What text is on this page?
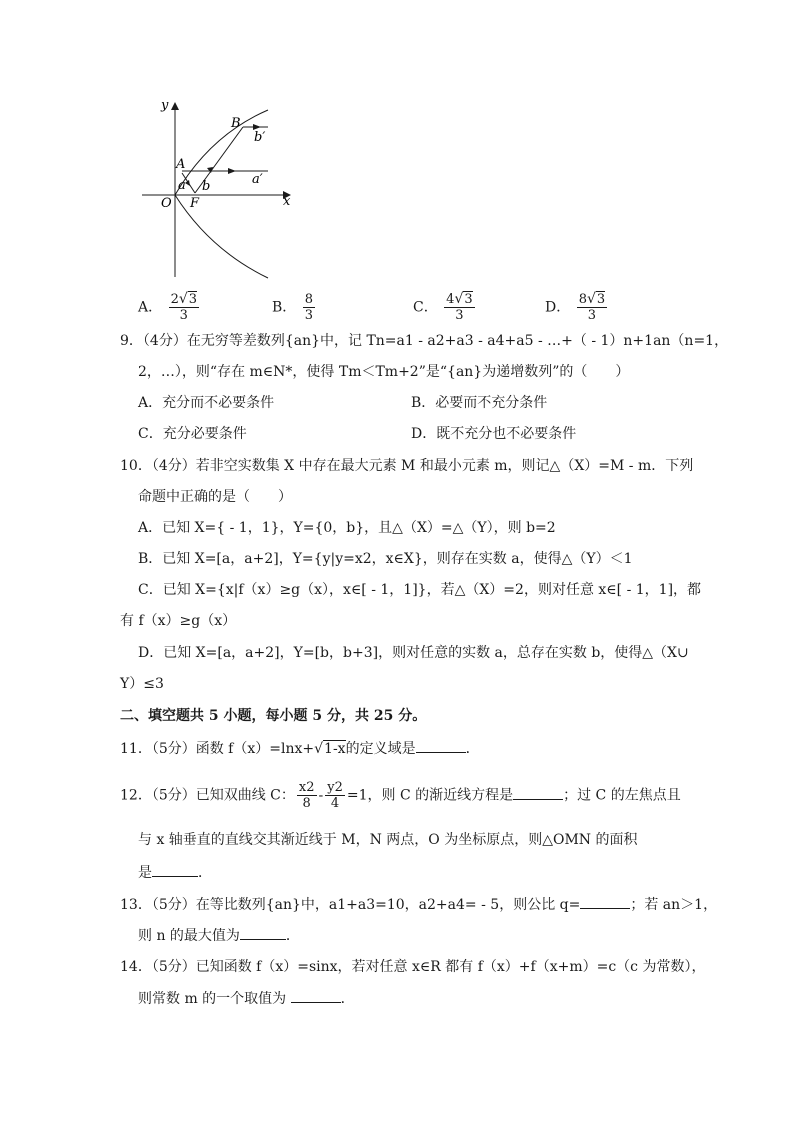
y
x
O F
A
B
a b	a′
b′
A． $\frac{2√3}{3}$	B． $\frac{8}{3}$	C． $\frac{4√3}{3}$	D． $\frac{8√3}{3}$
9．（4分）在无穷等差数列{an}中，记 Tn=a1 - a2+a3 - a4+a5 - …+（ - 1）n+1an（n=1，
2，…），则“存在 m∈N*，使得 Tm＜Tm+2”是“{an}为递增数列”的（　　）
A．充分而不必要条件	B．必要而不充分条件
C．充分必要条件	D．既不充分也不必要条件
10．（4分）若非空实数集 X 中存在最大元素 M 和最小元素 m，则记△（X）=M - m．下列
命题中正确的是（　　）
A．已知 X={ - 1，1}，Y={0，b}，且△（X）=△（Y），则 b=2
B．已知 X=[a，a+2]，Y={y|y=x2，x∈X}，则存在实数 a，使得△（Y）＜1
C．已知 X={x|f（x）≥g（x），x∈[ - 1，1]}，若△（X）=2，则对任意 x∈[ - 1，1]，都
有 f（x）≥g（x）
D．已知 X=[a，a+2]，Y=[b，b+3]，则对任意的实数 a，总存在实数 b，使得△（X∪
Y）≤3
二、填空题共 5 小题，每小题 5 分，共 25 分。
11．（5分）函数 f（x）=lnx+√1-x的定义域是	．
12．（5分）已知双曲线 C： $\frac{x2}{8} - \frac{y2}{4} =1$，则 C 的渐近线方程是	；过 C 的左焦点且
与 x 轴垂直的直线交其渐近线于 M，N 两点，O 为坐标原点，则△OMN 的面积
是	．
13．（5分）在等比数列{an}中，a1+a3=10，a2+a4= - 5，则公比 q=	；若 an＞1，
则 n 的最大值为	．
14．（5分）已知函数 f（x）=sinx，若对任意 x∈R 都有 f（x）+f（x+m）=c（c 为常数），
则常数 m 的一个取值为	．
